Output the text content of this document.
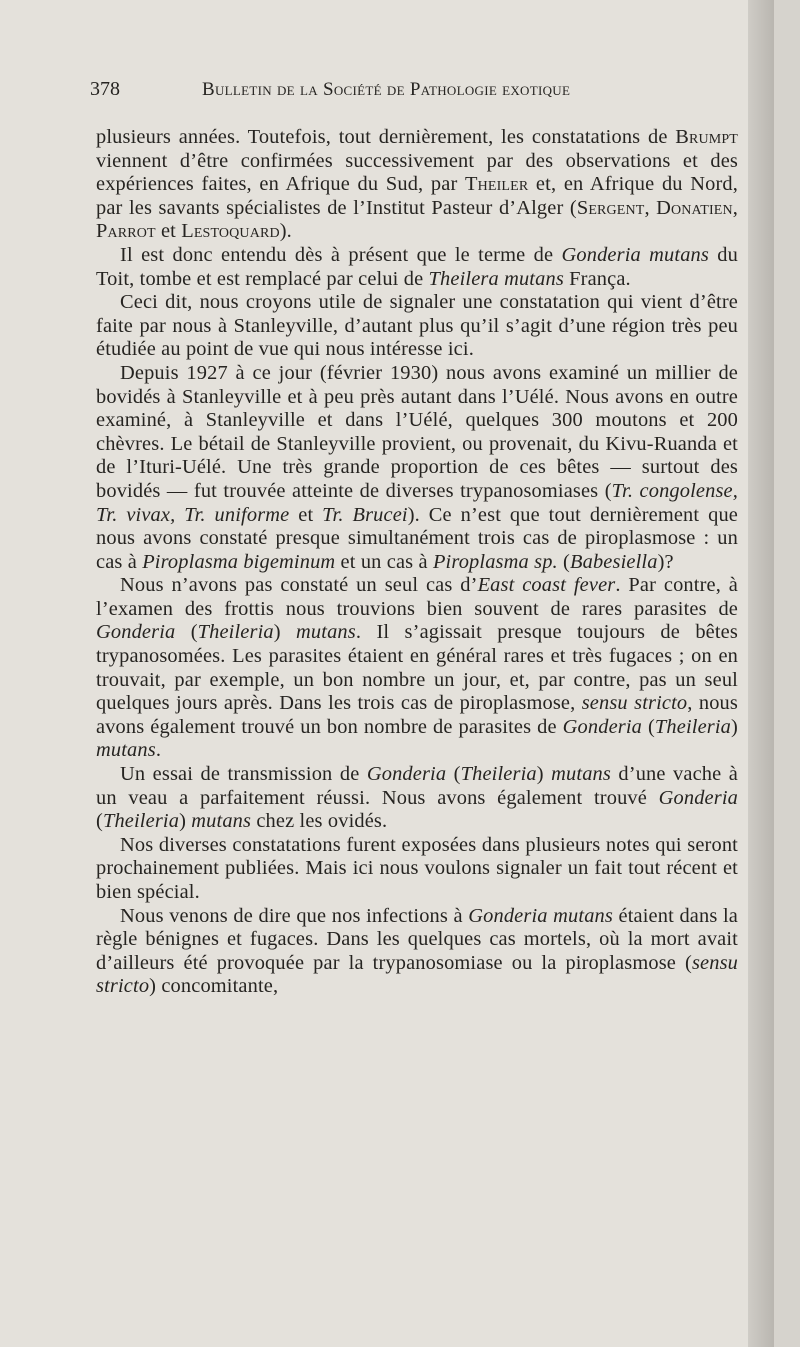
378	Bulletin de la Société de Pathologie exotique

plusieurs années. Toutefois, tout dernièrement, les constatations de Brumpt viennent d’être confirmées successivement par des observations et des expériences faites, en Afrique du Sud, par Theiler et, en Afrique du Nord, par les savants spécialistes de l’Institut Pasteur d’Alger (Sergent, Donatien, Parrot et Lestoquard).

Il est donc entendu dès à présent que le terme de Gonderia mutans du Toit, tombe et est remplacé par celui de Theilera mutans França.

Ceci dit, nous croyons utile de signaler une constatation qui vient d’être faite par nous à Stanleyville, d’autant plus qu’il s’agit d’une région très peu étudiée au point de vue qui nous intéresse ici.

Depuis 1927 à ce jour (février 1930) nous avons examiné un millier de bovidés à Stanleyville et à peu près autant dans l’Uélé. Nous avons en outre examiné, à Stanleyville et dans l’Uélé, quelques 300 moutons et 200 chèvres. Le bétail de Stanleyville provient, ou provenait, du Kivu-Ruanda et de l’Ituri-Uélé. Une très grande proportion de ces bêtes — surtout des bovidés — fut trouvée atteinte de diverses trypanosomiases (Tr. congolense, Tr. vivax, Tr. uniforme et Tr. Brucei). Ce n’est que tout dernièrement que nous avons constaté presque simultanément trois cas de piroplasmose : un cas à Piroplasma bigeminum et un cas à Piroplasma sp. (Babesiella)?

Nous n’avons pas constaté un seul cas d’East coast fever. Par contre, à l’examen des frottis nous trouvions bien souvent de rares parasites de Gonderia (Theileria) mutans. Il s’agissait presque toujours de bêtes trypanosomées. Les parasites étaient en général rares et très fugaces ; on en trouvait, par exemple, un bon nombre un jour, et, par contre, pas un seul quelques jours après. Dans les trois cas de piroplasmose, sensu stricto, nous avons également trouvé un bon nombre de parasites de Gonderia (Theileria) mutans.

Un essai de transmission de Gonderia (Theileria) mutans d’une vache à un veau a parfaitement réussi. Nous avons également trouvé Gonderia (Theileria) mutans chez les ovidés.

Nos diverses constatations furent exposées dans plusieurs notes qui seront prochainement publiées. Mais ici nous voulons signaler un fait tout récent et bien spécial.

Nous venons de dire que nos infections à Gonderia mutans étaient dans la règle bénignes et fugaces. Dans les quelques cas mortels, où la mort avait d’ailleurs été provoquée par la trypanosomiase ou la piroplasmose (sensu stricto) concomitante,
